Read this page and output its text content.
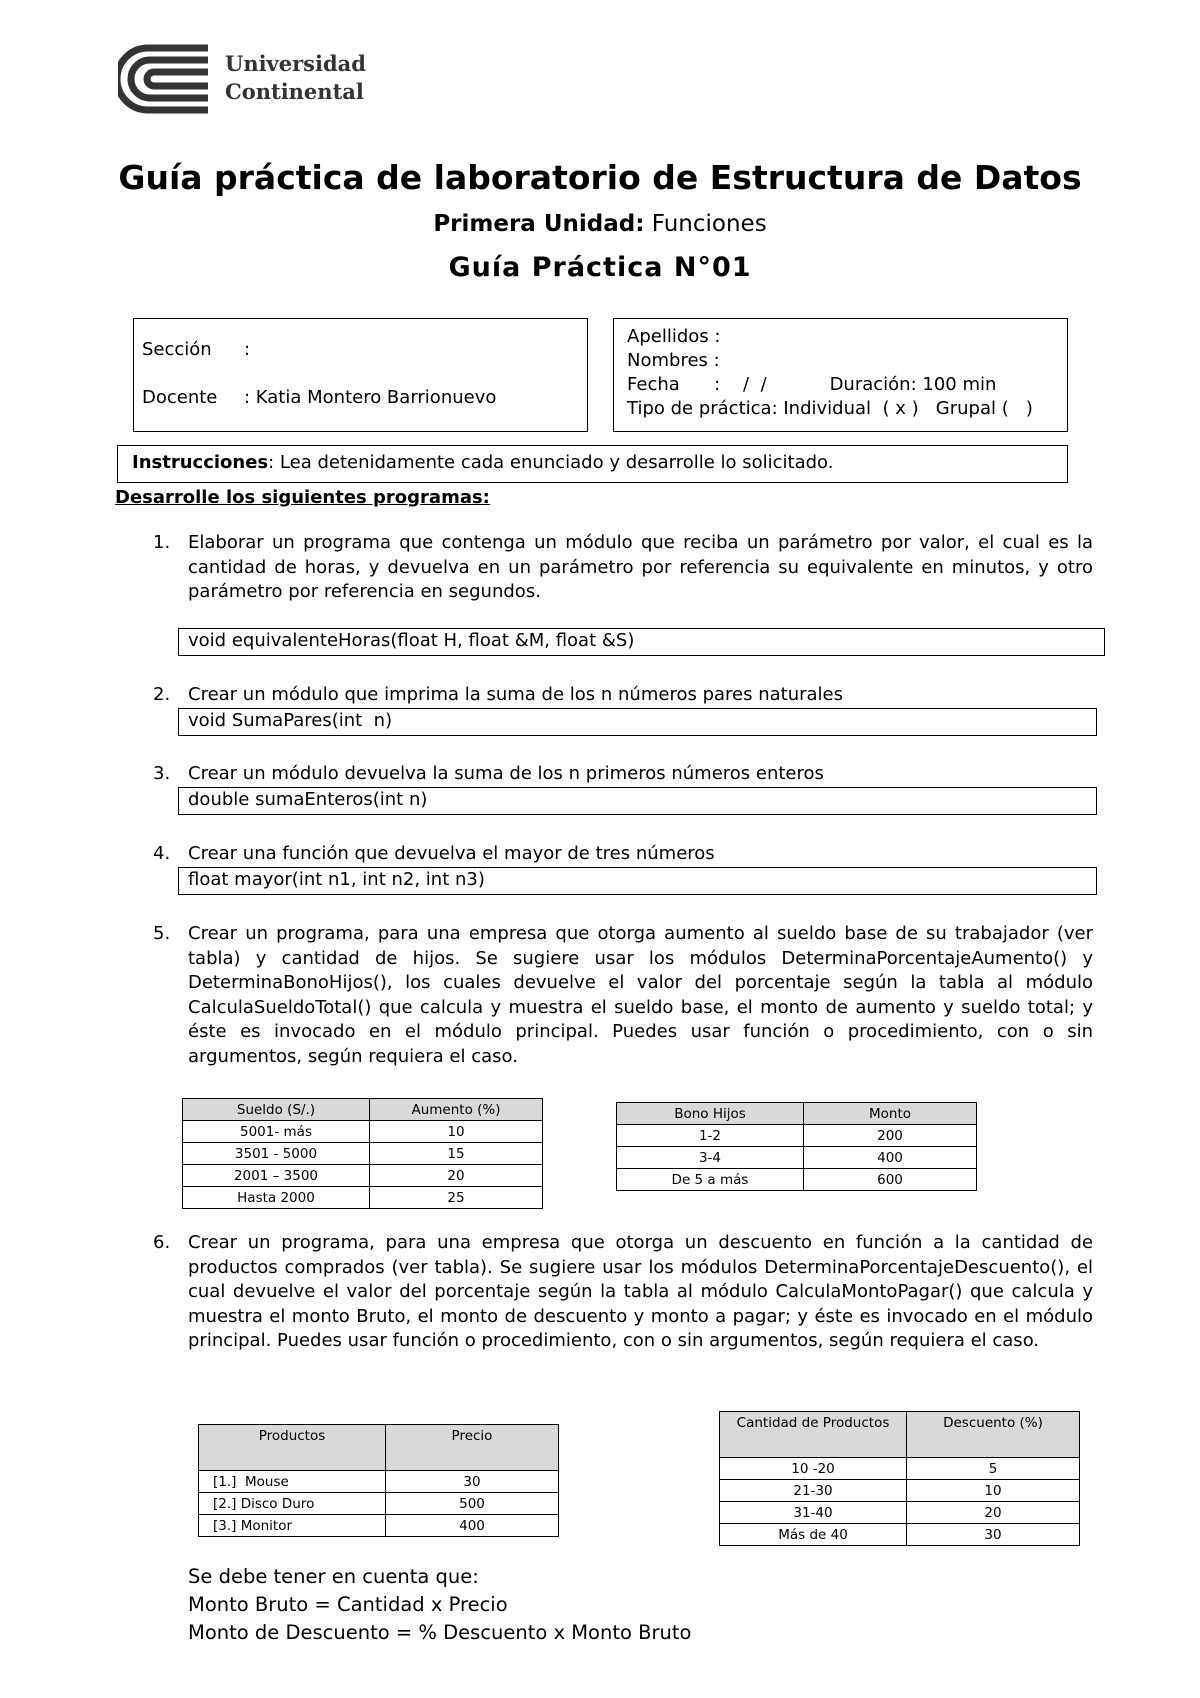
Universidad
Continental
Guía práctica de laboratorio de Estructura de Datos
Primera Unidad: Funciones
Guía Práctica N°01
Sección :
Docente : Katia Montero Barrionuevo
Apellidos :
Nombres :
Fecha      :    /  /           Duración: 100 min
Tipo de práctica: Individual  ( x )   Grupal (   )
Instrucciones: Lea detenidamente cada enunciado y desarrolle lo solicitado.
Desarrolle los siguientes programas:
1. Elaborar un programa que contenga un módulo que reciba un parámetro por valor, el cual es la cantidad de horas, y devuelva en un parámetro por referencia su equivalente en minutos, y otro parámetro por referencia en segundos.
void equivalenteHoras(float H, float &M, float &S)
2. Crear un módulo que imprima la suma de los n números pares naturales
void SumaPares(int  n)
3. Crear un módulo devuelva la suma de los n primeros números enteros
double sumaEnteros(int n)
4. Crear una función que devuelva el mayor de tres números
float mayor(int n1, int n2, int n3)
5. Crear un programa, para una empresa que otorga aumento al sueldo base de su trabajador (ver tabla) y cantidad de hijos. Se sugiere usar los módulos DeterminaPorcentajeAumento() y DeterminaBonoHijos(), los cuales devuelve el valor del porcentaje según la tabla al módulo CalculaSueldoTotal() que calcula y muestra el sueldo base, el monto de aumento y sueldo total; y éste es invocado en el módulo principal. Puedes usar función o procedimiento, con o sin argumentos, según requiera el caso.
Sueldo (S/.)	Aumento (%)
5001- más	10
3501 - 5000	15
2001 – 3500	20
Hasta 2000	25
Bono Hijos	Monto
1-2	200
3-4	400
De 5 a más	600
6. Crear un programa, para una empresa que otorga un descuento en función a la cantidad de productos comprados (ver tabla). Se sugiere usar los módulos DeterminaPorcentajeDescuento(), el cual devuelve el valor del porcentaje según la tabla al módulo CalculaMontoPagar() que calcula y muestra el monto Bruto, el monto de descuento y monto a pagar; y éste es invocado en el módulo principal. Puedes usar función o procedimiento, con o sin argumentos, según requiera el caso.
Productos	Precio
[1.]  Mouse	30
[2.] Disco Duro	500
[3.] Monitor	400
Cantidad de Productos	Descuento (%)
10 -20	5
21-30	10
31-40	20
Más de 40	30
Se debe tener en cuenta que:
Monto Bruto = Cantidad x Precio
Monto de Descuento = % Descuento x Monto Bruto
